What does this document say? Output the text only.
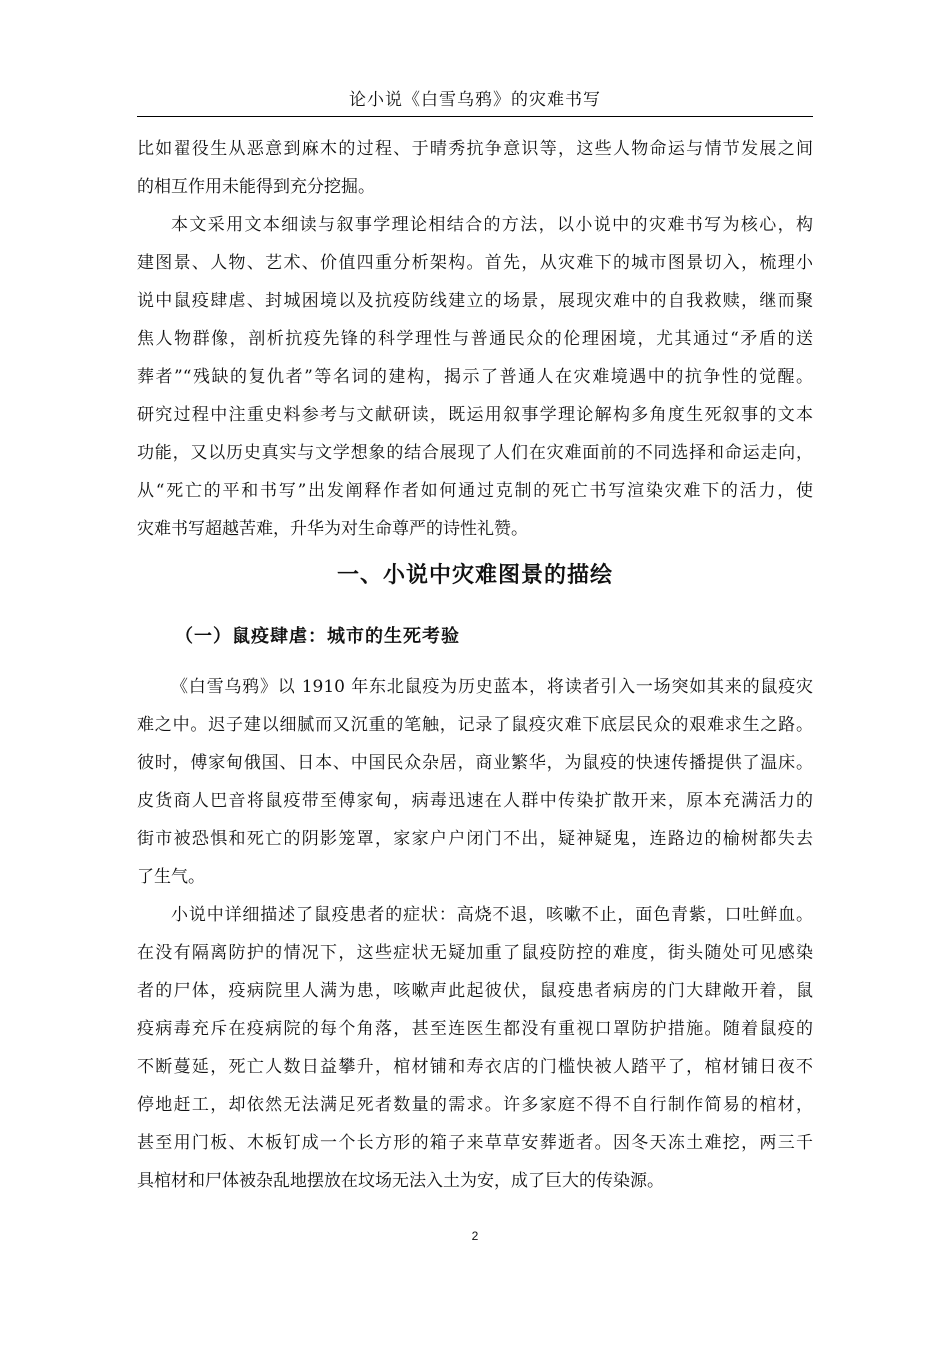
论小说《白雪乌鸦》的灾难书写
比如翟役生从恶意到麻木的过程、于晴秀抗争意识等，这些人物命运与情节发展之间
的相互作用未能得到充分挖掘。
本文采用文本细读与叙事学理论相结合的方法，以小说中的灾难书写为核心，构
建图景、人物、艺术、价值四重分析架构。首先，从灾难下的城市图景切入，梳理小
说中鼠疫肆虐、封城困境以及抗疫防线建立的场景，展现灾难中的自我救赎，继而聚
焦人物群像，剖析抗疫先锋的科学理性与普通民众的伦理困境，尤其通过“矛盾的送
葬者”“残缺的复仇者”等名词的建构，揭示了普通人在灾难境遇中的抗争性的觉醒。
研究过程中注重史料参考与文献研读，既运用叙事学理论解构多角度生死叙事的文本
功能，又以历史真实与文学想象的结合展现了人们在灾难面前的不同选择和命运走向，
从“死亡的平和书写”出发阐释作者如何通过克制的死亡书写渲染灾难下的活力，使
灾难书写超越苦难，升华为对生命尊严的诗性礼赞。
一、小说中灾难图景的描绘
（一）鼠疫肆虐：城市的生死考验
《白雪乌鸦》以 1910 年东北鼠疫为历史蓝本，将读者引入一场突如其来的鼠疫灾
难之中。迟子建以细腻而又沉重的笔触，记录了鼠疫灾难下底层民众的艰难求生之路。
彼时，傅家甸俄国、日本、中国民众杂居，商业繁华，为鼠疫的快速传播提供了温床。
皮货商人巴音将鼠疫带至傅家甸，病毒迅速在人群中传染扩散开来，原本充满活力的
街市被恐惧和死亡的阴影笼罩，家家户户闭门不出，疑神疑鬼，连路边的榆树都失去
了生气。
小说中详细描述了鼠疫患者的症状：高烧不退，咳嗽不止，面色青紫，口吐鲜血。
在没有隔离防护的情况下，这些症状无疑加重了鼠疫防控的难度，街头随处可见感染
者的尸体，疫病院里人满为患，咳嗽声此起彼伏，鼠疫患者病房的门大肆敞开着，鼠
疫病毒充斥在疫病院的每个角落，甚至连医生都没有重视口罩防护措施。随着鼠疫的
不断蔓延，死亡人数日益攀升，棺材铺和寿衣店的门槛快被人踏平了，棺材铺日夜不
停地赶工，却依然无法满足死者数量的需求。许多家庭不得不自行制作简易的棺材，
甚至用门板、木板钉成一个长方形的箱子来草草安葬逝者。因冬天冻土难挖，两三千
具棺材和尸体被杂乱地摆放在坟场无法入土为安，成了巨大的传染源。
2
